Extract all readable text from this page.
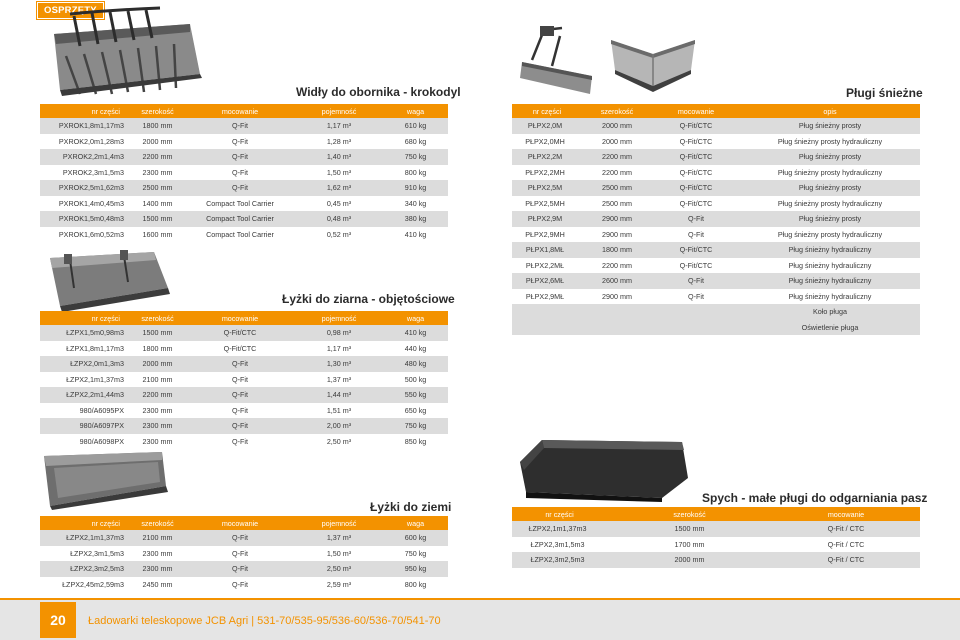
OSPRZĘTY
Widły do obornika - krokodyl
nr części	szerokość	mocowanie	pojemność	waga
PXROK1,8m1,17m3	1800 mm	Q-Fit	1,17 m³	610 kg
PXROK2,0m1,28m3	2000 mm	Q-Fit	1,28 m³	680 kg
PXROK2,2m1,4m3	2200 mm	Q-Fit	1,40 m³	750 kg
PXROK2,3m1,5m3	2300 mm	Q-Fit	1,50 m³	800 kg
PXROK2,5m1,62m3	2500 mm	Q-Fit	1,62 m³	910 kg
PXROK1,4m0,45m3	1400 mm	Compact Tool Carrier	0,45 m³	340 kg
PXROK1,5m0,48m3	1500 mm	Compact Tool Carrier	0,48 m³	380 kg
PXROK1,6m0,52m3	1600 mm	Compact Tool Carrier	0,52 m³	410 kg
Łyżki do ziarna - objętościowe
nr części	szerokość	mocowanie	pojemność	waga
ŁZPX1,5m0,98m3	1500 mm	Q-Fit/CTC	0,98 m³	410 kg
ŁZPX1,8m1,17m3	1800 mm	Q-Fit/CTC	1,17 m³	440 kg
ŁZPX2,0m1,3m3	2000 mm	Q-Fit	1,30 m³	480 kg
ŁZPX2,1m1,37m3	2100 mm	Q-Fit	1,37 m³	500 kg
ŁZPX2,2m1,44m3	2200 mm	Q-Fit	1,44 m³	550 kg
980/A6095PX	2300 mm	Q-Fit	1,51 m³	650 kg
980/A6097PX	2300 mm	Q-Fit	2,00 m³	750 kg
980/A6098PX	2300 mm	Q-Fit	2,50 m³	850 kg
Łyżki do ziemi
nr części	szerokość	mocowanie	pojemność	waga
ŁZPX2,1m1,37m3	2100 mm	Q-Fit	1,37 m³	600 kg
ŁZPX2,3m1,5m3	2300 mm	Q-Fit	1,50 m³	750 kg
ŁZPX2,3m2,5m3	2300 mm	Q-Fit	2,50 m³	950 kg
ŁZPX2,45m2,59m3	2450 mm	Q-Fit	2,59 m³	800 kg
Pługi śnieżne
nr części	szerokość	mocowanie	opis
PŁPX2,0M	2000 mm	Q-Fit/CTC	Pług śnieżny prosty
PŁPX2,0MH	2000 mm	Q-Fit/CTC	Pług śnieżny prosty hydrauliczny
PŁPX2,2M	2200 mm	Q-Fit/CTC	Pług śnieżny prosty
PŁPX2,2MH	2200 mm	Q-Fit/CTC	Pług śnieżny prosty hydrauliczny
PŁPX2,5M	2500 mm	Q-Fit/CTC	Pług śnieżny prosty
PŁPX2,5MH	2500 mm	Q-Fit/CTC	Pług śnieżny prosty hydrauliczny
PŁPX2,9M	2900 mm	Q-Fit	Pług śnieżny prosty
PŁPX2,9MH	2900 mm	Q-Fit	Pług śnieżny prosty hydrauliczny
PŁPX1,8MŁ	1800 mm	Q-Fit/CTC	Pług śnieżny hydrauliczny
PŁPX2,2MŁ	2200 mm	Q-Fit/CTC	Pług śnieżny hydrauliczny
PŁPX2,6MŁ	2600 mm	Q-Fit	Pług śnieżny hydrauliczny
PŁPX2,9MŁ	2900 mm	Q-Fit	Pług śnieżny hydrauliczny
			Koło pługa
			Oświetlenie pługa
Spych - małe pługi do odgarniania pasz
nr części	szerokość	mocowanie
ŁZPX2,1m1,37m3	1500 mm	Q-Fit / CTC
ŁZPX2,3m1,5m3	1700 mm	Q-Fit / CTC
ŁZPX2,3m2,5m3	2000 mm	Q-Fit / CTC
20	Ładowarki teleskopowe JCB Agri | 531-70/535-95/536-60/536-70/541-70
